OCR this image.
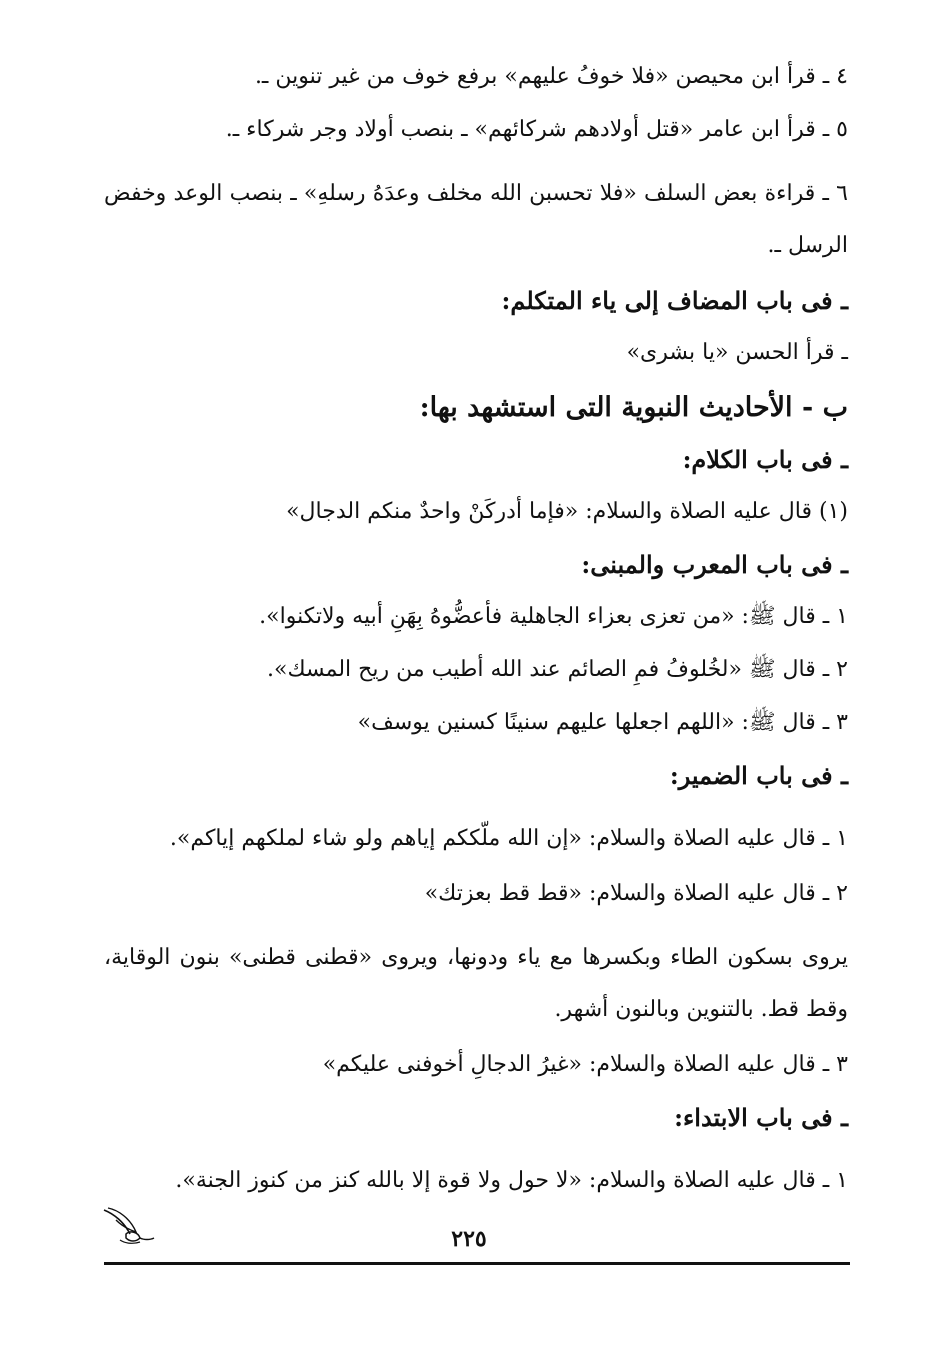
٤ ـ قرأ ابن محيصن «فلا خوفُ عليهم» برفع خوف من غير تنوين ـ.

٥ ـ قرأ ابن عامر «قتل أولادهم شركائهم» ـ بنصب أولاد وجر شركاء ـ.

٦ ـ قراءة بعض السلف «فلا تحسبن الله مخلف وعدَهُ رسلهِ» ـ بنصب الوعد وخفض الرسل ـ.

ـ فى باب المضاف إلى ياء المتكلم:

ـ قرأ الحسن «يا بشرى»

ب - الأحاديث النبوية التى استشهد بها:

ـ فى باب الكلام:

(١) قال عليه الصلاة والسلام: «فإما أدركَنْ واحدٌ منكم الدجال»

ـ فى باب المعرب والمبنى:

١ ـ قال ﷺ: «من تعزى بعزاء الجاهلية فأعضُّوهُ بِهَنِ أبيه ولاتكنوا».

٢ ـ قال ﷺ «لخُلوفُ فمِ الصائم عند الله أطيب من ريح المسك».

٣ ـ قال ﷺ: «اللهم اجعلها عليهم سنينًا كسنين يوسف»

ـ فى باب الضمير:

١ ـ قال عليه الصلاة والسلام: «إن الله ملّككم إياهم ولو شاء لملكهم إياكم».

٢ ـ قال عليه الصلاة والسلام: «قط قط بعزتك»

يروى بسكون الطاء وبكسرها مع ياء ودونها، ويروى «قطنى قطنى» بنون الوقاية، وقط قط. بالتنوين وبالنون أشهر.

٣ ـ قال عليه الصلاة والسلام: «غيرُ الدجالِ أخوفنى عليكم»

ـ فى باب الابتداء:

١ ـ قال عليه الصلاة والسلام: «لا حول ولا قوة إلا بالله كنز من كنوز الجنة».

٢٢٥
